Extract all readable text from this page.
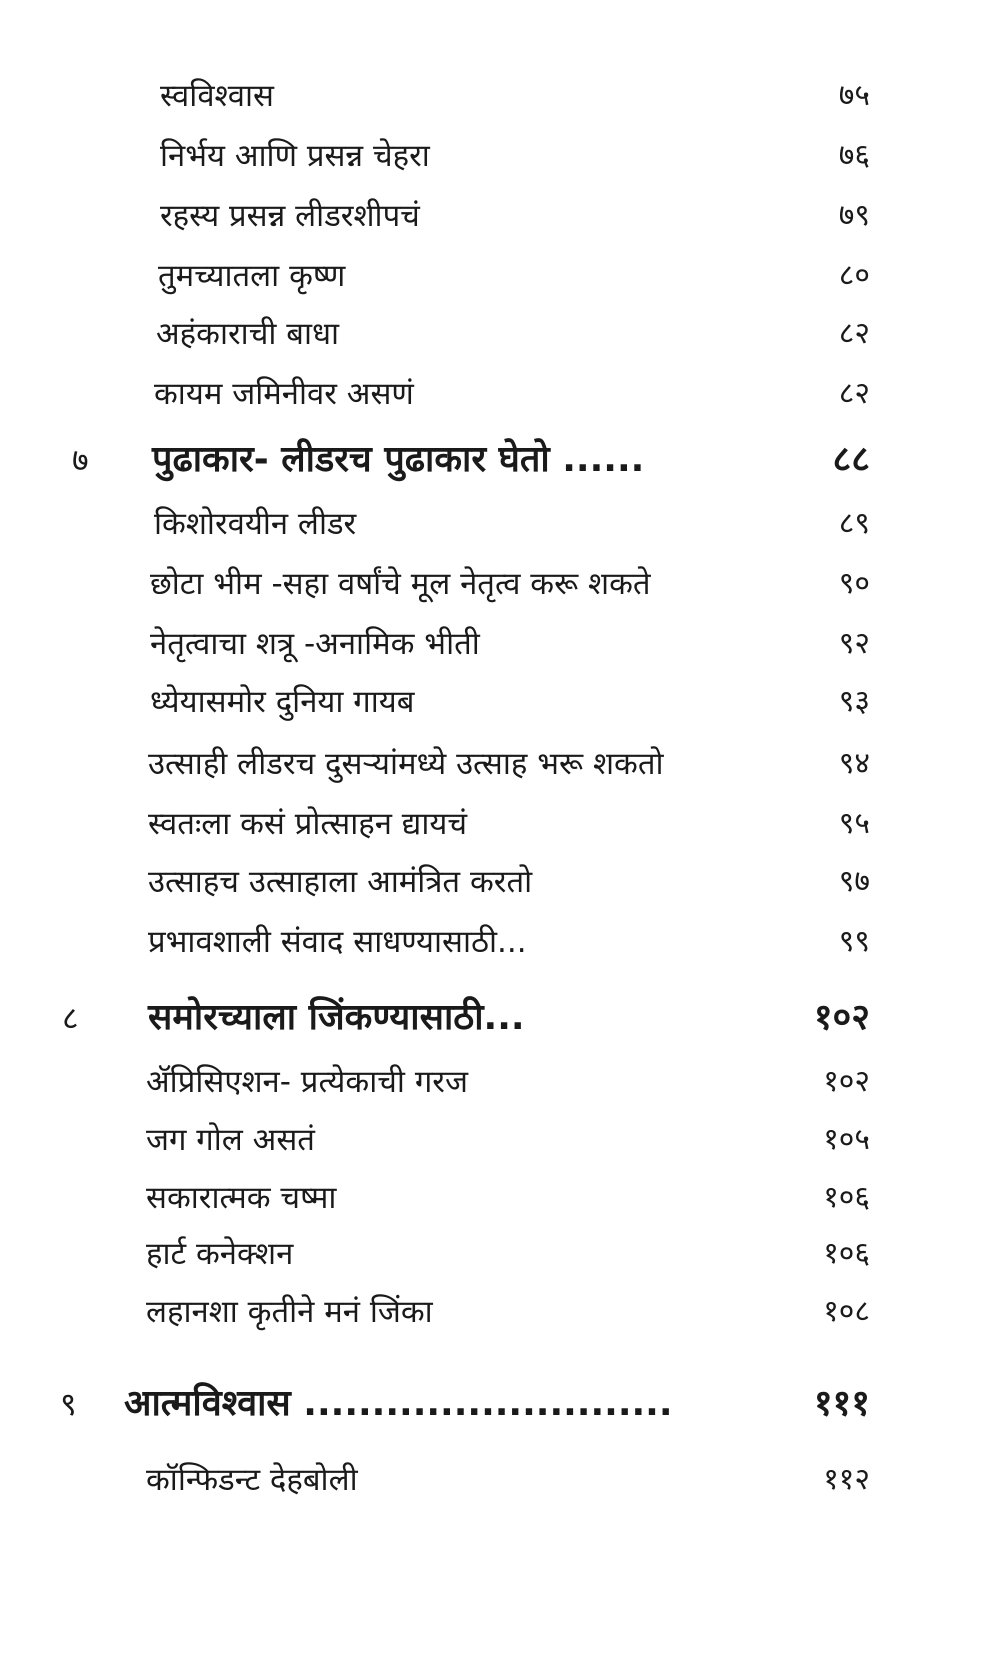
स्वविश्वास	७५
निर्भय आणि प्रसन्न चेहरा	७६
रहस्य प्रसन्न लीडरशीपचं	७९
तुमच्यातला कृष्ण	८०
अहंकाराची बाधा	८२
कायम जमिनीवर असणं	८२
७ पुढाकार- लीडरच पुढाकार घेतो ......	८८
किशोरवयीन लीडर	८९
छोटा भीम -सहा वर्षांचे मूल नेतृत्व करू शकते	९०
नेतृत्वाचा शत्रू -अनामिक भीती	९२
ध्येयासमोर दुनिया गायब	९३
उत्साही लीडरच दुसऱ्यांमध्ये उत्साह भरू शकतो	९४
स्वतःला कसं प्रोत्साहन द्यायचं	९५
उत्साहच उत्साहाला आमंत्रित करतो	९७
प्रभावशाली संवाद साधण्यासाठी...	९९
८ समोरच्याला जिंकण्यासाठी...	१०२
ॲप्रिसिएशन- प्रत्येकाची गरज	१०२
जग गोल असतं	१०५
सकारात्मक चष्मा	१०६
हार्ट कनेक्शन	१०६
लहानशा कृतीने मनं जिंका	१०८
९ आत्मविश्वास ...........................	१११
कॉन्फिडन्ट देहबोली	११२
